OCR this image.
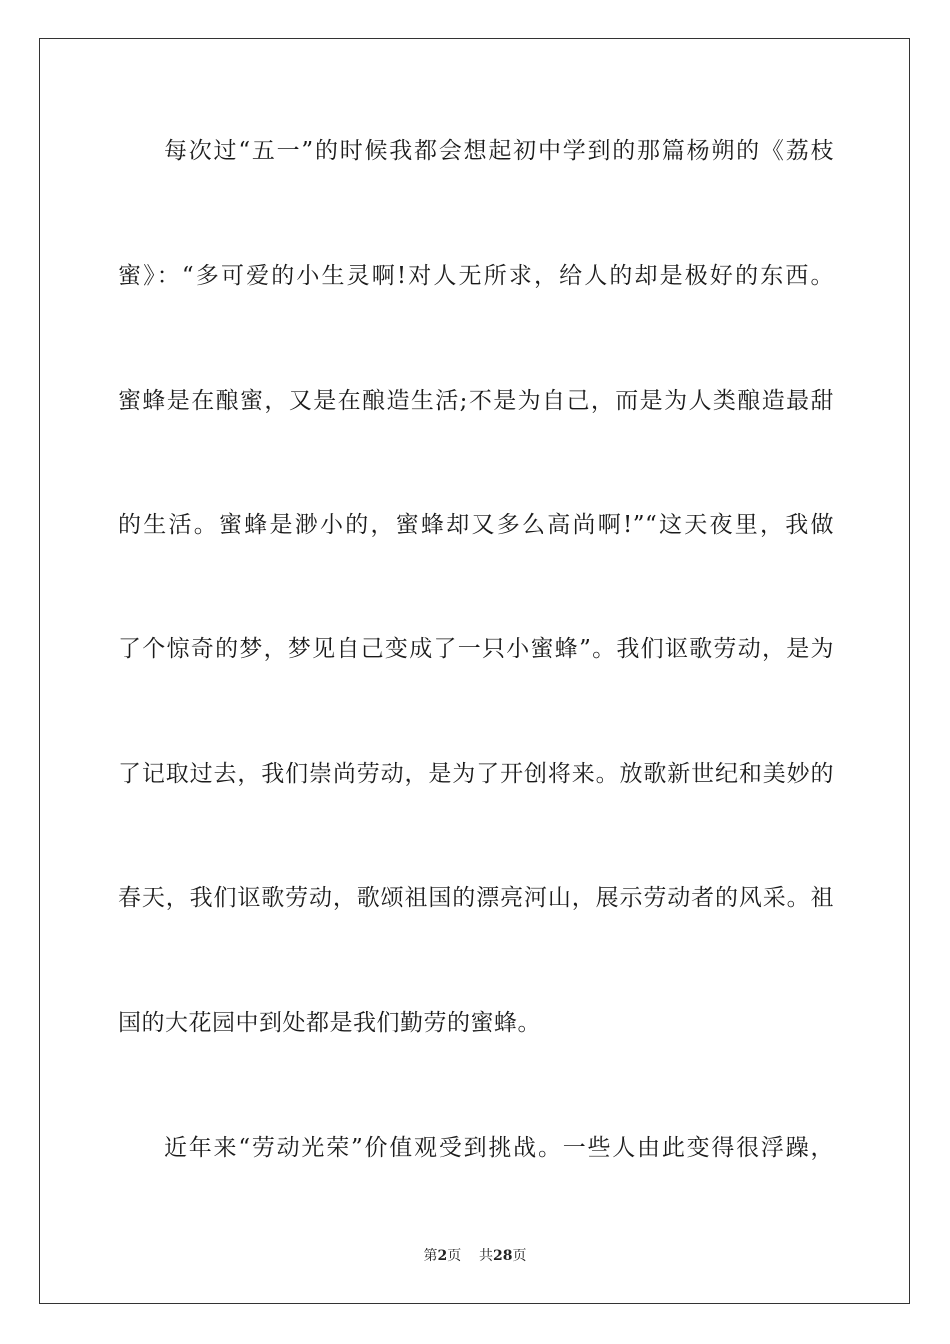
每次过“五一”的时候我都会想起初中学到的那篇杨朔的《荔枝
蜜》：“多可爱的小生灵啊!对人无所求，给人的却是极好的东西。
蜜蜂是在酿蜜，又是在酿造生活;不是为自己，而是为人类酿造最甜
的生活。蜜蜂是渺小的，蜜蜂却又多么高尚啊!”“这天夜里，我做
了个惊奇的梦，梦见自己变成了一只小蜜蜂”。我们讴歌劳动，是为
了记取过去，我们崇尚劳动，是为了开创将来。放歌新世纪和美妙的
春天，我们讴歌劳动，歌颂祖国的漂亮河山，展示劳动者的风采。祖
国的大花园中到处都是我们勤劳的蜜蜂。
近年来“劳动光荣”价值观受到挑战。一些人由此变得很浮躁，
第2页 共28页
